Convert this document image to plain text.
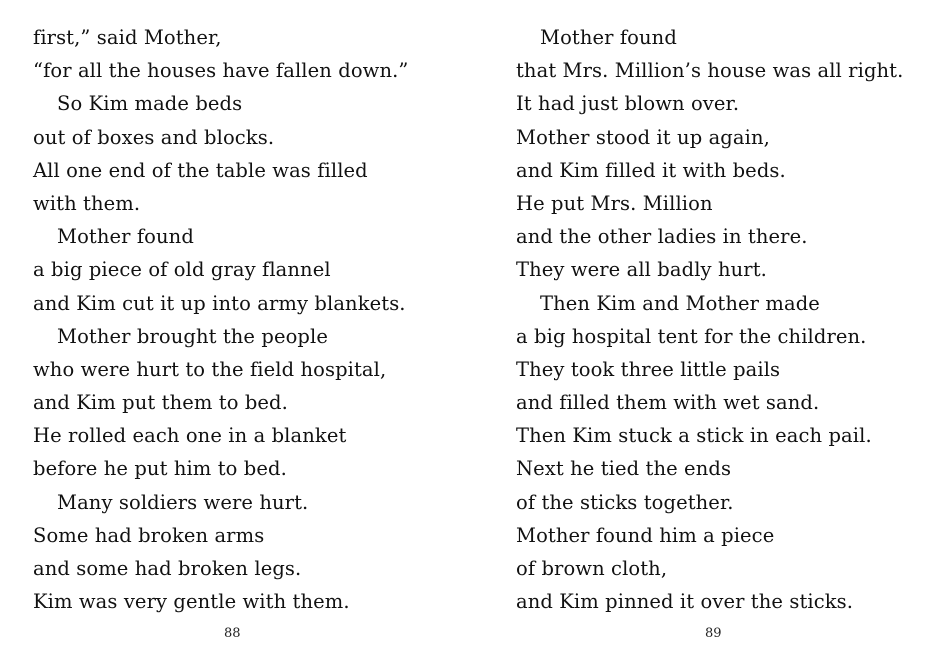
first,” said Mother,
“for all the houses have fallen down.”
So Kim made beds
out of boxes and blocks.
All one end of the table was filled
with them.
Mother found
a big piece of old gray flannel
and Kim cut it up into army blankets.
Mother brought the people
who were hurt to the field hospital,
and Kim put them to bed.
He rolled each one in a blanket
before he put him to bed.
Many soldiers were hurt.
Some had broken arms
and some had broken legs.
Kim was very gentle with them.
88
Mother found
that Mrs. Million’s house was all right.
It had just blown over.
Mother stood it up again,
and Kim filled it with beds.
He put Mrs. Million
and the other ladies in there.
They were all badly hurt.
Then Kim and Mother made
a big hospital tent for the children.
They took three little pails
and filled them with wet sand.
Then Kim stuck a stick in each pail.
Next he tied the ends
of the sticks together.
Mother found him a piece
of brown cloth,
and Kim pinned it over the sticks.
89
